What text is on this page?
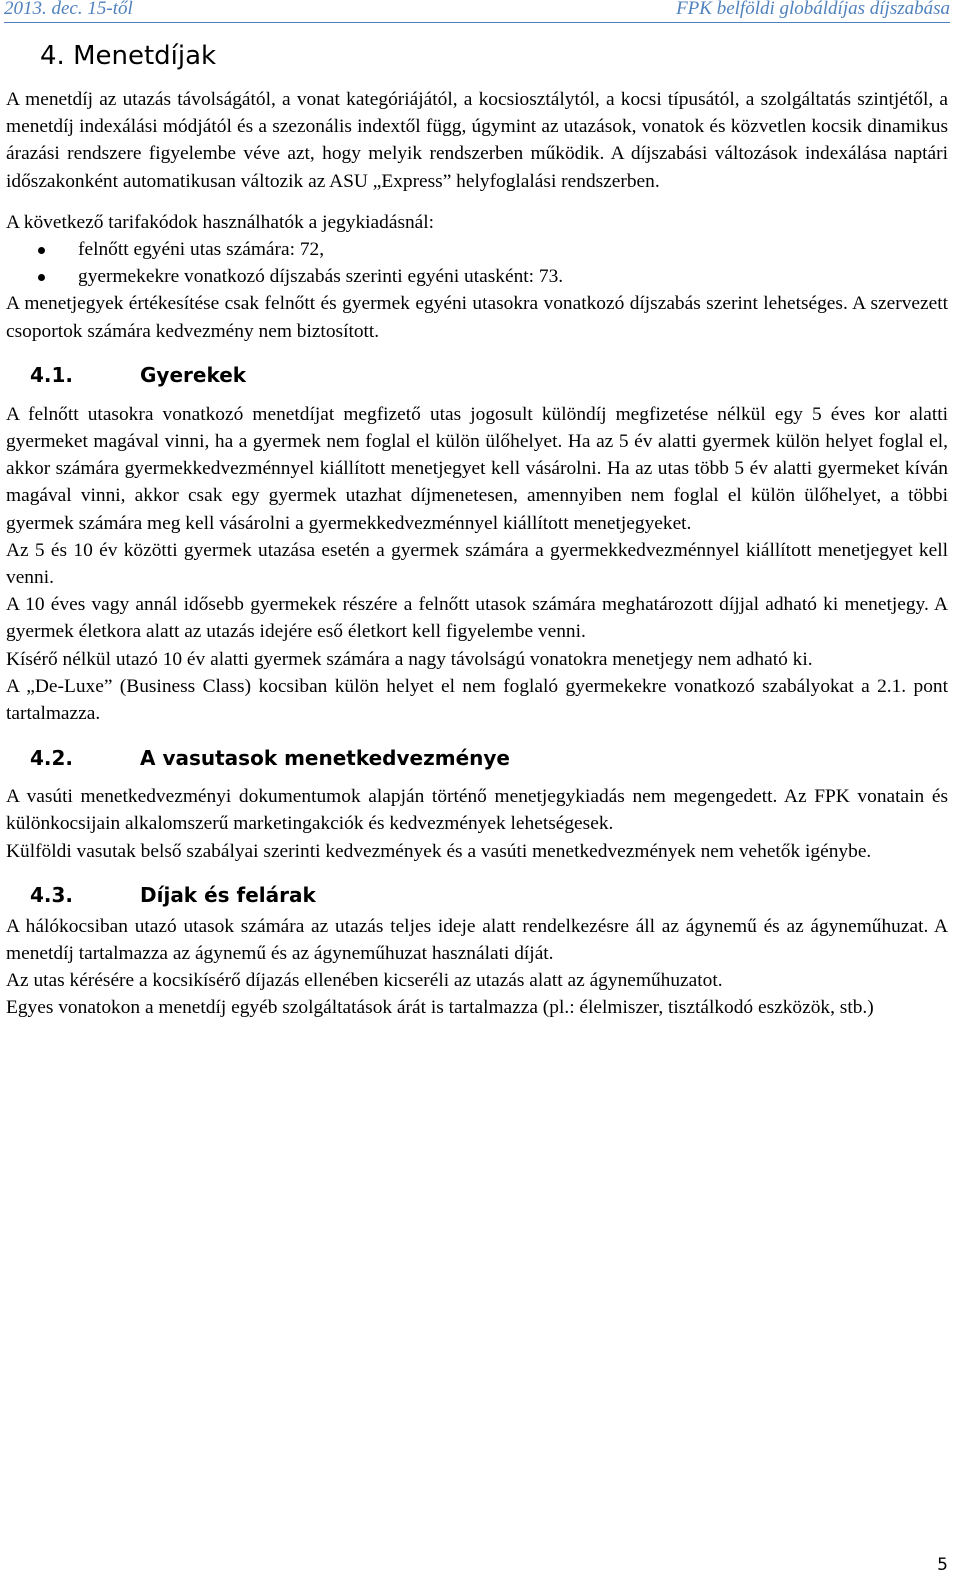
2013. dec. 15-től	FPK belföldi globáldíjas díjszabása
4. Menetdíjak

A menetdíj az utazás távolságától, a vonat kategóriájától, a kocsiosztálytól, a kocsi típusától, a szolgáltatás szintjétől, a menetdíj indexálási módjától és a szezonális indextől függ, úgymint az utazások, vonatok és közvetlen kocsik dinamikus árazási rendszere figyelembe véve azt, hogy melyik rendszerben működik. A díjszabási változások indexálása naptári időszakonként automatikusan változik az ASU „Express” helyfoglalási rendszerben.

A következő tarifakódok használhatók a jegykiadásnál:

felnőtt egyéni utas számára: 72,
gyermekekre vonatkozó díjszabás szerinti egyéni utasként: 73.

A menetjegyek értékesítése csak felnőtt és gyermek egyéni utasokra vonatkozó díjszabás szerint lehetséges. A szervezett csoportok számára kedvezmény nem biztosított.

4.1.	Gyerekek

A felnőtt utasokra vonatkozó menetdíjat megfizető utas jogosult különdíj megfizetése nélkül egy 5 éves kor alatti gyermeket magával vinni, ha a gyermek nem foglal el külön ülőhelyet. Ha az 5 év alatti gyermek külön helyet foglal el, akkor számára gyermekkedvezménnyel kiállított menetjegyet kell vásárolni. Ha az utas több 5 év alatti gyermeket kíván magával vinni, akkor csak egy gyermek utazhat díjmenetesen, amennyiben nem foglal el külön ülőhelyet, a többi gyermek számára meg kell vásárolni a gyermekkedvezménnyel kiállított menetjegyeket.

Az 5 és 10 év közötti gyermek utazása esetén a gyermek számára a gyermekkedvezménnyel kiállított menetjegyet kell venni.

A 10 éves vagy annál idősebb gyermekek részére a felnőtt utasok számára meghatározott díjjal adható ki menetjegy. A gyermek életkora alatt az utazás idejére eső életkort kell figyelembe venni.

Kísérő nélkül utazó 10 év alatti gyermek számára a nagy távolságú vonatokra menetjegy nem adható ki.

A „De-Luxe” (Business Class) kocsiban külön helyet el nem foglaló gyermekekre vonatkozó szabályokat a 2.1. pont tartalmazza.

4.2.	A vasutasok menetkedvezménye

A vasúti menetkedvezményi dokumentumok alapján történő menetjegykiadás nem megengedett. Az FPK vonatain és különkocsijain alkalomszerű marketingakciók és kedvezmények lehetségesek.

Külföldi vasutak belső szabályai szerinti kedvezmények és a vasúti menetkedvezmények nem vehetők igénybe.

4.3.	Díjak és felárak

A hálókocsiban utazó utasok számára az utazás teljes ideje alatt rendelkezésre áll az ágynemű és az ágyneműhuzat. A menetdíj tartalmazza az ágynemű és az ágyneműhuzat használati díját.

Az utas kérésére a kocsikísérő díjazás ellenében kicseréli az utazás alatt az ágyneműhuzatot.

Egyes vonatokon a menetdíj egyéb szolgáltatások árát is tartalmazza (pl.: élelmiszer, tisztálkodó eszközök, stb.)

5
